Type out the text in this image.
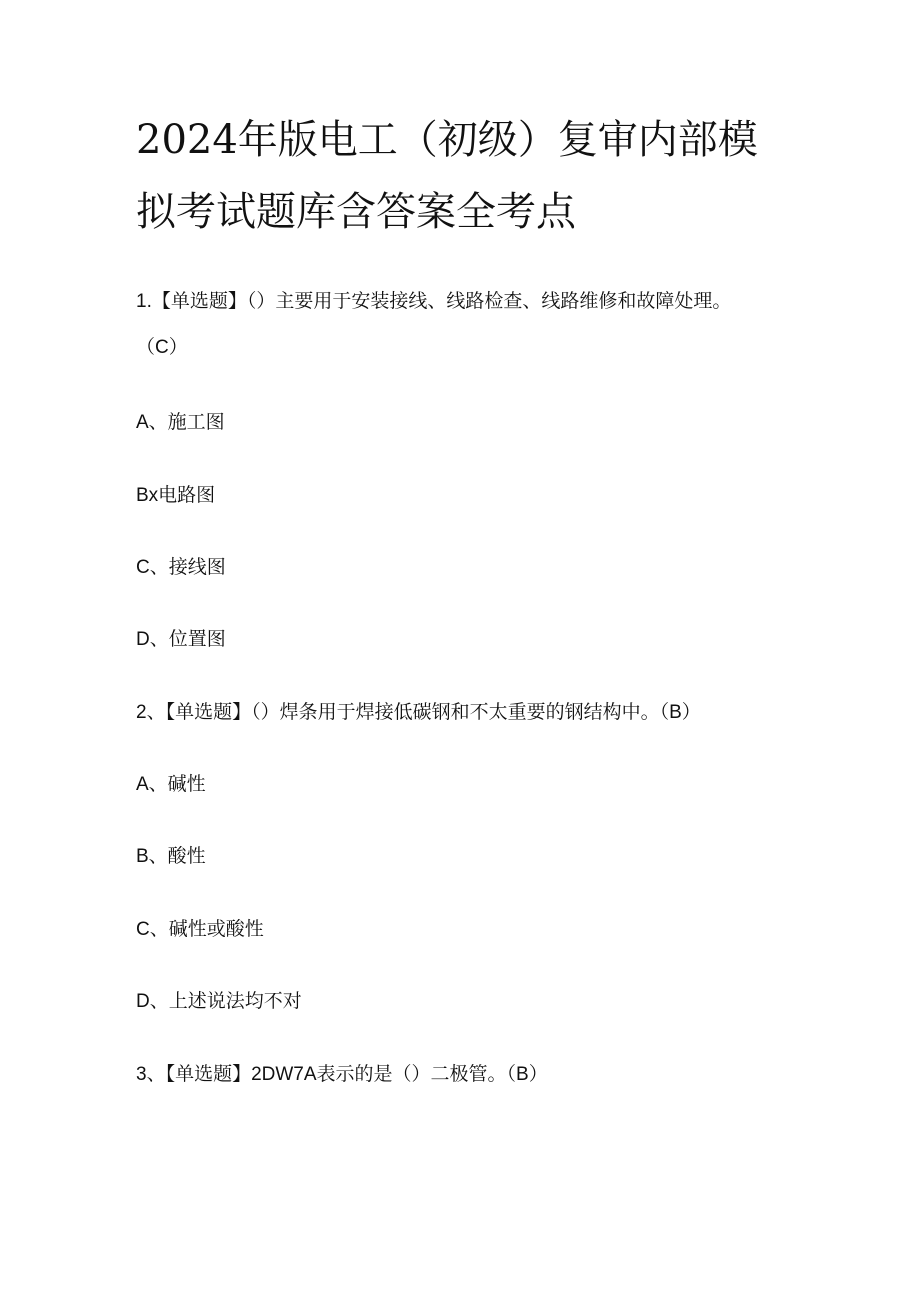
2024年版电工（初级）复审内部模
拟考试题库含答案全考点
1.【单选题】（）主要用于安装接线、线路检查、线路维修和故障处理。
（C）
A、施工图
Bx电路图
C、接线图
D、位置图
2、【单选题】（）焊条用于焊接低碳钢和不太重要的钢结构中。（B）
A、碱性
B、酸性
C、碱性或酸性
D、上述说法均不对
3、【单选题】2DW7A表示的是（）二极管。（B）
